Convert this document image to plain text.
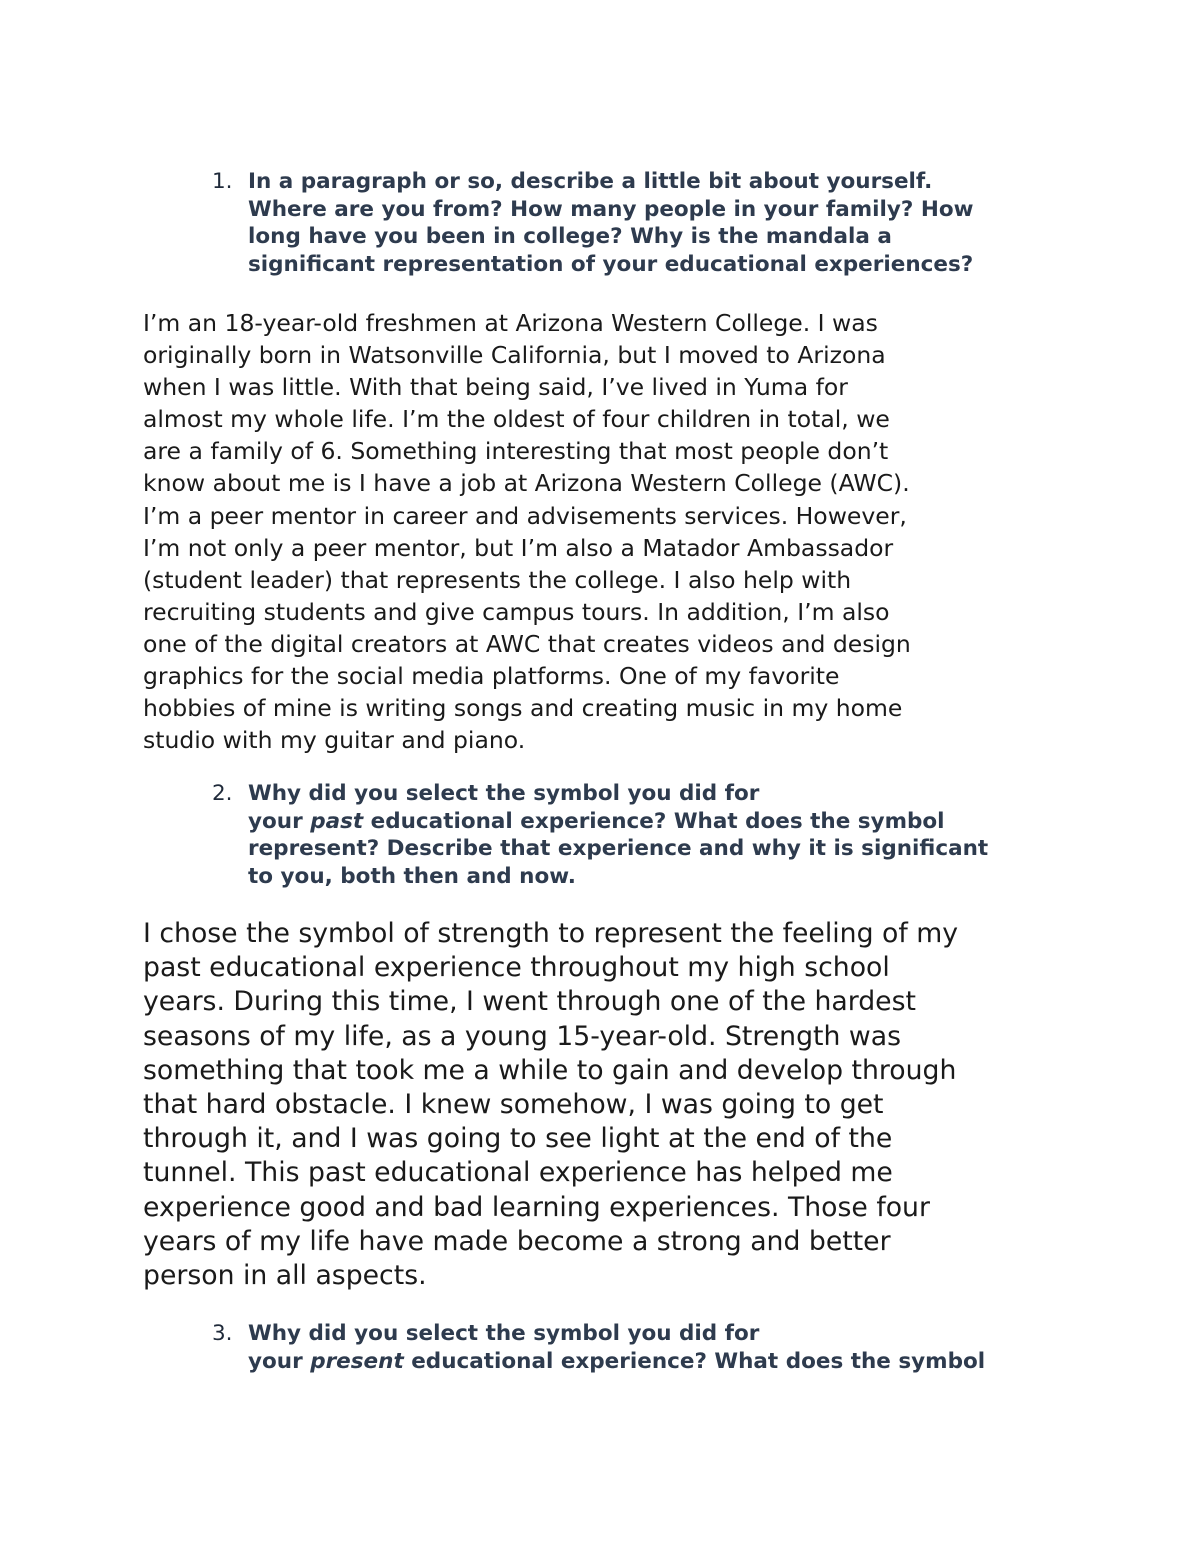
1. In a paragraph or so, describe a little bit about yourself.
Where are you from? How many people in your family? How
long have you been in college? Why is the mandala a
significant representation of your educational experiences?
I’m an 18-year-old freshmen at Arizona Western College. I was
originally born in Watsonville California, but I moved to Arizona
when I was little. With that being said, I’ve lived in Yuma for
almost my whole life. I’m the oldest of four children in total, we
are a family of 6. Something interesting that most people don’t
know about me is I have a job at Arizona Western College (AWC).
I’m a peer mentor in career and advisements services. However,
I’m not only a peer mentor, but I’m also a Matador Ambassador
(student leader) that represents the college. I also help with
recruiting students and give campus tours. In addition, I’m also
one of the digital creators at AWC that creates videos and design
graphics for the social media platforms. One of my favorite
hobbies of mine is writing songs and creating music in my home
studio with my guitar and piano.
2. Why did you select the symbol you did for
your past educational experience? What does the symbol
represent? Describe that experience and why it is significant
to you, both then and now.
I chose the symbol of strength to represent the feeling of my
past educational experience throughout my high school
years. During this time, I went through one of the hardest
seasons of my life, as a young 15-year-old. Strength was
something that took me a while to gain and develop through
that hard obstacle. I knew somehow, I was going to get
through it, and I was going to see light at the end of the
tunnel. This past educational experience has helped me
experience good and bad learning experiences. Those four
years of my life have made become a strong and better
person in all aspects.
3. Why did you select the symbol you did for
your present educational experience? What does the symbol
